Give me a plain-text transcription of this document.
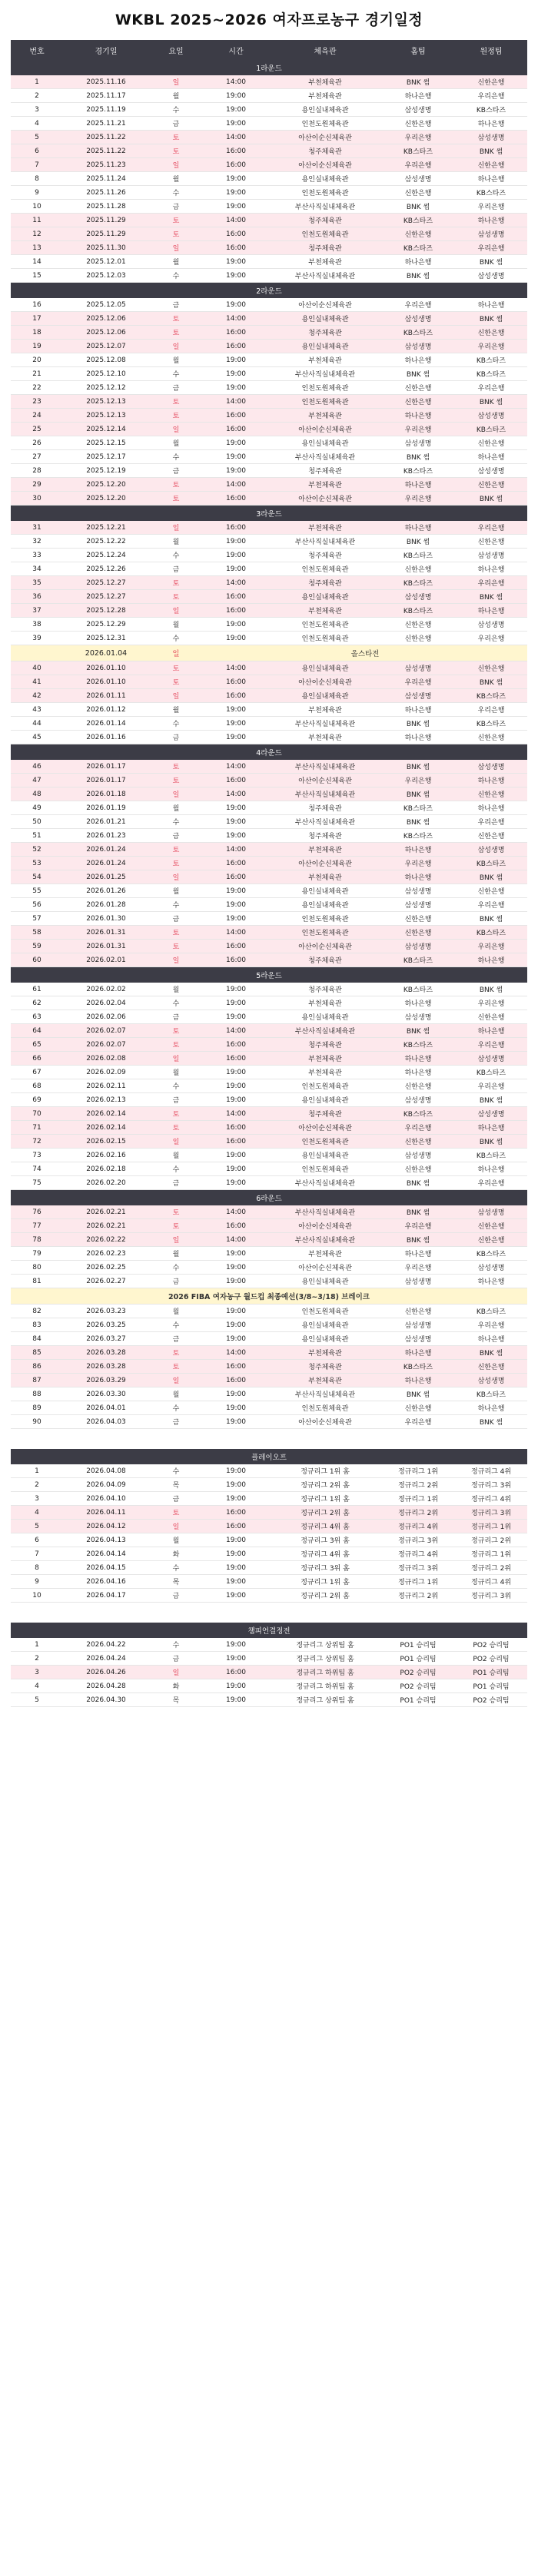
WKBL 2025~2026 여자프로농구 경기일정
번호	경기일	요일	시간	체육관	홈팀	원정팀
1라운드						
1	2025.11.16	일	14:00	부천체육관	BNK 썸	신한은행
2	2025.11.17	월	19:00	부천체육관	하나은행	우리은행
3	2025.11.19	수	19:00	용인실내체육관	삼성생명	KB스타즈
4	2025.11.21	금	19:00	인천도원체육관	신한은행	하나은행
5	2025.11.22	토	14:00	아산이순신체육관	우리은행	삼성생명
6	2025.11.22	토	16:00	청주체육관	KB스타즈	BNK 썸
7	2025.11.23	일	16:00	아산이순신체육관	우리은행	신한은행
8	2025.11.24	월	19:00	용인실내체육관	삼성생명	하나은행
9	2025.11.26	수	19:00	인천도원체육관	신한은행	KB스타즈
10	2025.11.28	금	19:00	부산사직실내체육관	BNK 썸	우리은행
11	2025.11.29	토	14:00	청주체육관	KB스타즈	하나은행
12	2025.11.29	토	16:00	인천도원체육관	신한은행	삼성생명
13	2025.11.30	일	16:00	청주체육관	KB스타즈	우리은행
14	2025.12.01	월	19:00	부천체육관	하나은행	BNK 썸
15	2025.12.03	수	19:00	부산사직실내체육관	BNK 썸	삼성생명
2라운드						
16	2025.12.05	금	19:00	아산이순신체육관	우리은행	하나은행
17	2025.12.06	토	14:00	용인실내체육관	삼성생명	BNK 썸
18	2025.12.06	토	16:00	청주체육관	KB스타즈	신한은행
19	2025.12.07	일	16:00	용인실내체육관	삼성생명	우리은행
20	2025.12.08	월	19:00	부천체육관	하나은행	KB스타즈
21	2025.12.10	수	19:00	부산사직실내체육관	BNK 썸	KB스타즈
22	2025.12.12	금	19:00	인천도원체육관	신한은행	우리은행
23	2025.12.13	토	14:00	인천도원체육관	신한은행	BNK 썸
24	2025.12.13	토	16:00	부천체육관	하나은행	삼성생명
25	2025.12.14	일	16:00	아산이순신체육관	우리은행	KB스타즈
26	2025.12.15	월	19:00	용인실내체육관	삼성생명	신한은행
27	2025.12.17	수	19:00	부산사직실내체육관	BNK 썸	하나은행
28	2025.12.19	금	19:00	청주체육관	KB스타즈	삼성생명
29	2025.12.20	토	14:00	부천체육관	하나은행	신한은행
30	2025.12.20	토	16:00	아산이순신체육관	우리은행	BNK 썸
3라운드						
31	2025.12.21	일	16:00	부천체육관	하나은행	우리은행
32	2025.12.22	월	19:00	부산사직실내체육관	BNK 썸	신한은행
33	2025.12.24	수	19:00	청주체육관	KB스타즈	삼성생명
34	2025.12.26	금	19:00	인천도원체육관	신한은행	하나은행
35	2025.12.27	토	14:00	청주체육관	KB스타즈	우리은행
36	2025.12.27	토	16:00	용인실내체육관	삼성생명	BNK 썸
37	2025.12.28	일	16:00	부천체육관	KB스타즈	하나은행
38	2025.12.29	월	19:00	인천도원체육관	신한은행	삼성생명
39	2025.12.31	수	19:00	인천도원체육관	신한은행	우리은행
	2026.01.04	일	올스타전			
40	2026.01.10	토	14:00	용인실내체육관	삼성생명	신한은행
41	2026.01.10	토	16:00	아산이순신체육관	우리은행	BNK 썸
42	2026.01.11	일	16:00	용인실내체육관	삼성생명	KB스타즈
43	2026.01.12	월	19:00	부천체육관	하나은행	우리은행
44	2026.01.14	수	19:00	부산사직실내체육관	BNK 썸	KB스타즈
45	2026.01.16	금	19:00	부천체육관	하나은행	신한은행
4라운드						
46	2026.01.17	토	14:00	부산사직실내체육관	BNK 썸	삼성생명
47	2026.01.17	토	16:00	아산이순신체육관	우리은행	하나은행
48	2026.01.18	일	14:00	부산사직실내체육관	BNK 썸	신한은행
49	2026.01.19	월	19:00	청주체육관	KB스타즈	하나은행
50	2026.01.21	수	19:00	부산사직실내체육관	BNK 썸	우리은행
51	2026.01.23	금	19:00	청주체육관	KB스타즈	신한은행
52	2026.01.24	토	14:00	부천체육관	하나은행	삼성생명
53	2026.01.24	토	16:00	아산이순신체육관	우리은행	KB스타즈
54	2026.01.25	일	16:00	부천체육관	하나은행	BNK 썸
55	2026.01.26	월	19:00	용인실내체육관	삼성생명	신한은행
56	2026.01.28	수	19:00	용인실내체육관	삼성생명	우리은행
57	2026.01.30	금	19:00	인천도원체육관	신한은행	BNK 썸
58	2026.01.31	토	14:00	인천도원체육관	신한은행	KB스타즈
59	2026.01.31	토	16:00	아산이순신체육관	삼성생명	우리은행
60	2026.02.01	일	16:00	청주체육관	KB스타즈	하나은행
5라운드						
61	2026.02.02	월	19:00	청주체육관	KB스타즈	BNK 썸
62	2026.02.04	수	19:00	부천체육관	하나은행	우리은행
63	2026.02.06	금	19:00	용인실내체육관	삼성생명	신한은행
64	2026.02.07	토	14:00	부산사직실내체육관	BNK 썸	하나은행
65	2026.02.07	토	16:00	청주체육관	KB스타즈	우리은행
66	2026.02.08	일	16:00	부천체육관	하나은행	삼성생명
67	2026.02.09	월	19:00	부천체육관	하나은행	KB스타즈
68	2026.02.11	수	19:00	인천도원체육관	신한은행	우리은행
69	2026.02.13	금	19:00	용인실내체육관	삼성생명	BNK 썸
70	2026.02.14	토	14:00	청주체육관	KB스타즈	삼성생명
71	2026.02.14	토	16:00	아산이순신체육관	우리은행	하나은행
72	2026.02.15	일	16:00	인천도원체육관	신한은행	BNK 썸
73	2026.02.16	월	19:00	용인실내체육관	삼성생명	KB스타즈
74	2026.02.18	수	19:00	인천도원체육관	신한은행	하나은행
75	2026.02.20	금	19:00	부산사직실내체육관	BNK 썸	우리은행
6라운드						
76	2026.02.21	토	14:00	부산사직실내체육관	BNK 썸	삼성생명
77	2026.02.21	토	16:00	아산이순신체육관	우리은행	신한은행
78	2026.02.22	일	14:00	부산사직실내체육관	BNK 썸	신한은행
79	2026.02.23	월	19:00	부천체육관	하나은행	KB스타즈
80	2026.02.25	수	19:00	아산이순신체육관	우리은행	삼성생명
81	2026.02.27	금	19:00	용인실내체육관	삼성생명	하나은행
2026 FIBA 여자농구 월드컵 최종예선(3/8~3/18) 브레이크						
82	2026.03.23	월	19:00	인천도원체육관	신한은행	KB스타즈
83	2026.03.25	수	19:00	용인실내체육관	삼성생명	우리은행
84	2026.03.27	금	19:00	용인실내체육관	삼성생명	하나은행
85	2026.03.28	토	14:00	부천체육관	하나은행	BNK 썸
86	2026.03.28	토	16:00	청주체육관	KB스타즈	신한은행
87	2026.03.29	일	16:00	부천체육관	하나은행	삼성생명
88	2026.03.30	월	19:00	부산사직실내체육관	BNK 썸	KB스타즈
89	2026.04.01	수	19:00	인천도원체육관	신한은행	하나은행
90	2026.04.03	금	19:00	아산이순신체육관	우리은행	BNK 썸
플레이오프						
1	2026.04.08	수	19:00	정규리그 1위 홈	정규리그 1위	정규리그 4위
2	2026.04.09	목	19:00	정규리그 2위 홈	정규리그 2위	정규리그 3위
3	2026.04.10	금	19:00	정규리그 1위 홈	정규리그 1위	정규리그 4위
4	2026.04.11	토	16:00	정규리그 2위 홈	정규리그 2위	정규리그 3위
5	2026.04.12	일	16:00	정규리그 4위 홈	정규리그 4위	정규리그 1위
6	2026.04.13	월	19:00	정규리그 3위 홈	정규리그 3위	정규리그 2위
7	2026.04.14	화	19:00	정규리그 4위 홈	정규리그 4위	정규리그 1위
8	2026.04.15	수	19:00	정규리그 3위 홈	정규리그 3위	정규리그 2위
9	2026.04.16	목	19:00	정규리그 1위 홈	정규리그 1위	정규리그 4위
10	2026.04.17	금	19:00	정규리그 2위 홈	정규리그 2위	정규리그 3위
챔피언결정전						
1	2026.04.22	수	19:00	정규리그 상위팀 홈	PO1 승리팀	PO2 승리팀
2	2026.04.24	금	19:00	정규리그 상위팀 홈	PO1 승리팀	PO2 승리팀
3	2026.04.26	일	16:00	정규리그 하위팀 홈	PO2 승리팀	PO1 승리팀
4	2026.04.28	화	19:00	정규리그 하위팀 홈	PO2 승리팀	PO1 승리팀
5	2026.04.30	목	19:00	정규리그 상위팀 홈	PO1 승리팀	PO2 승리팀
